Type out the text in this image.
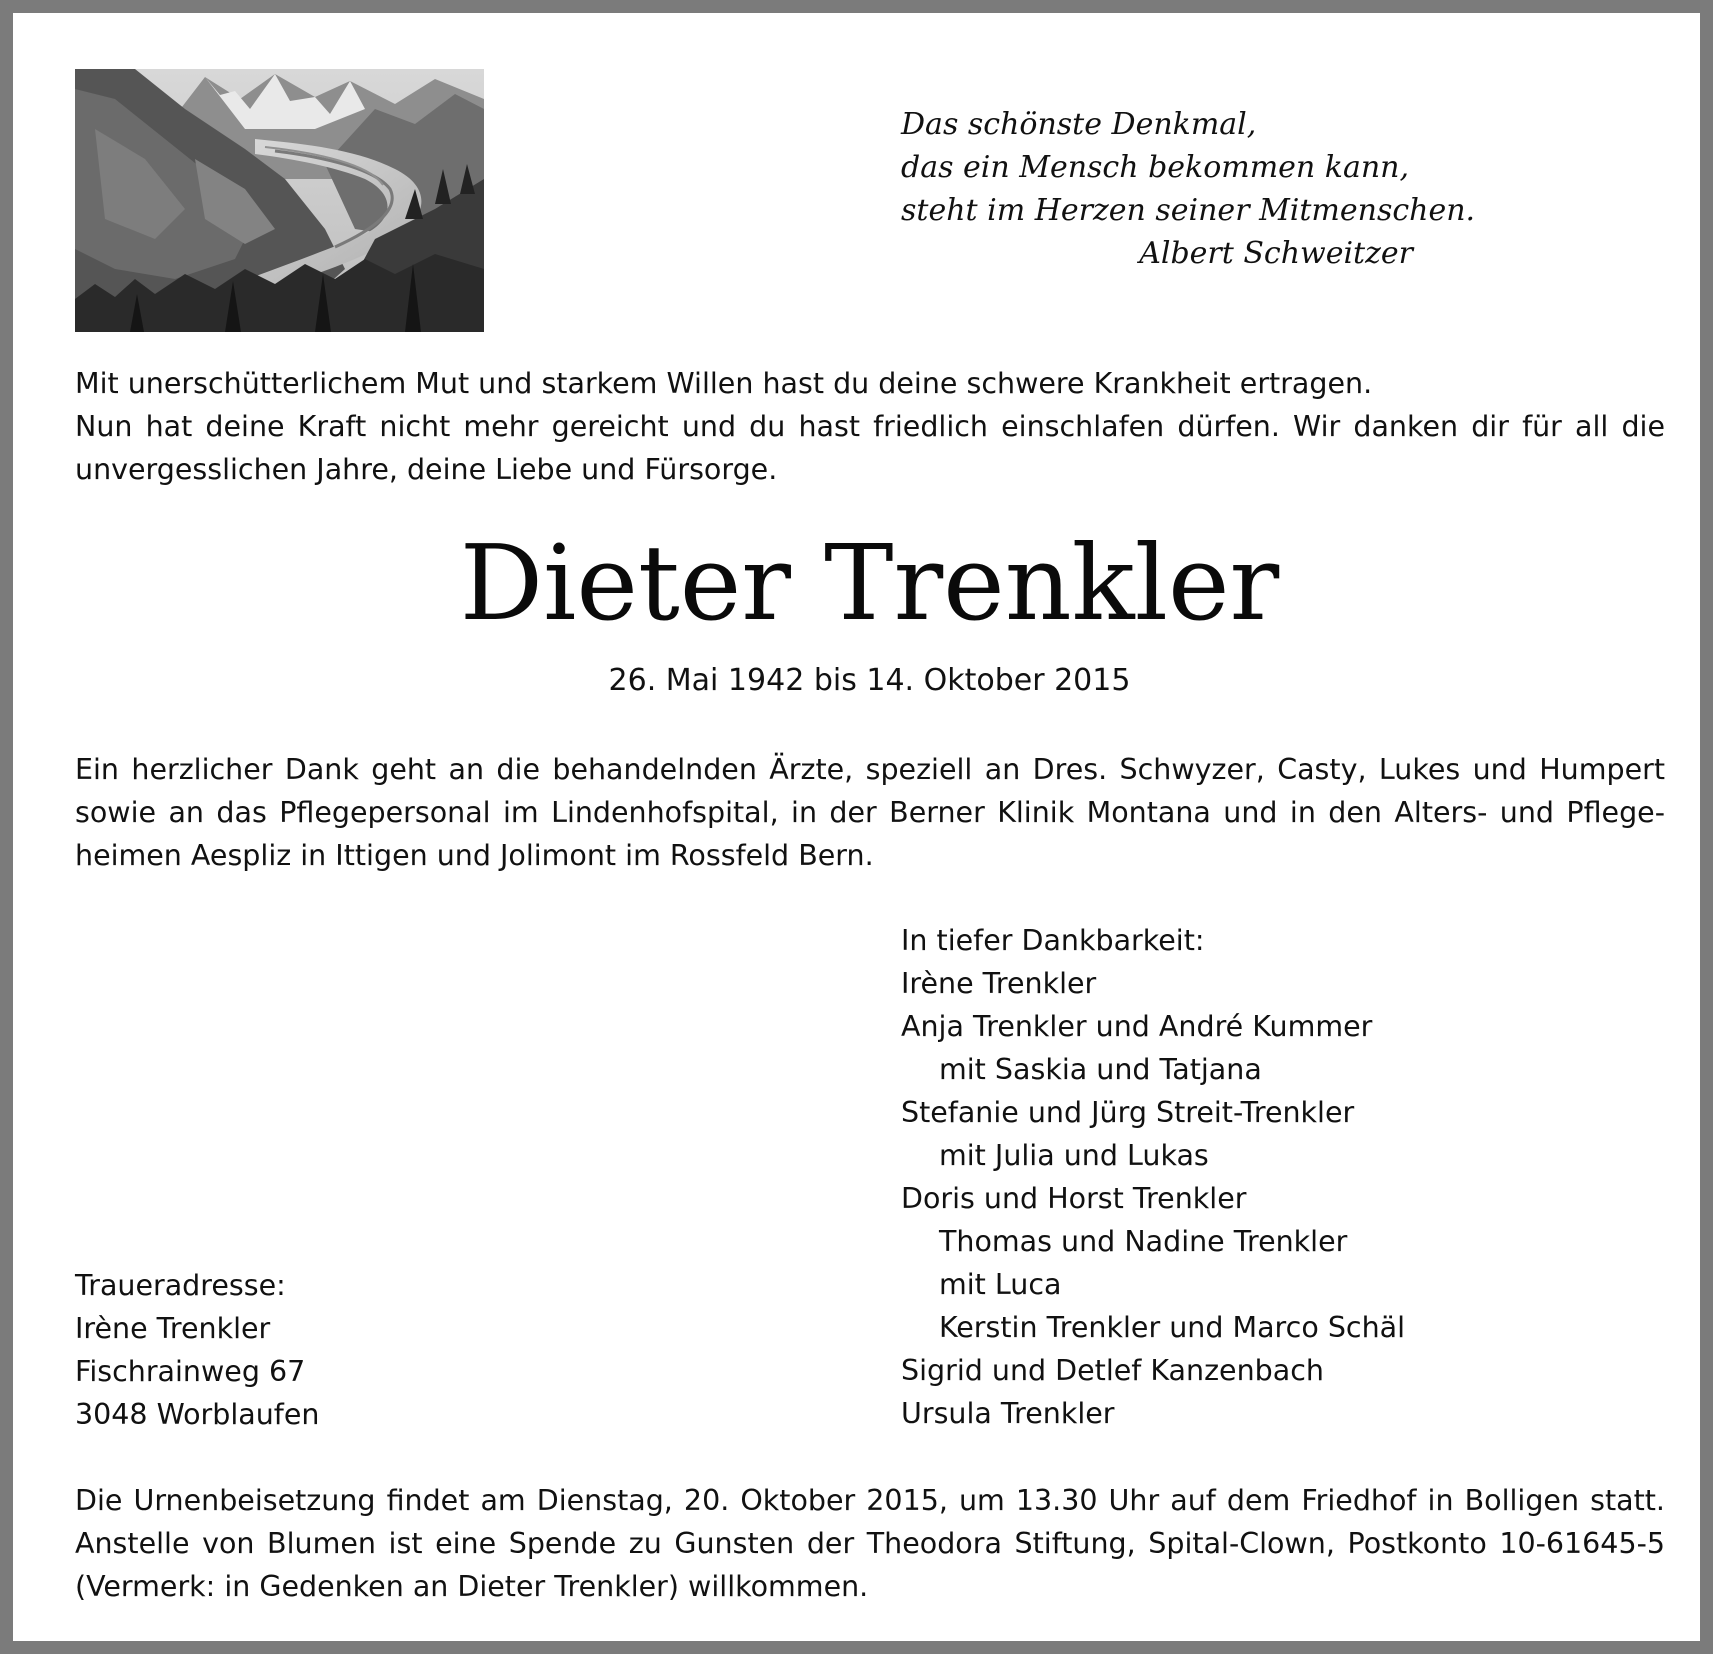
Das schönste Denkmal,
das ein Mensch bekommen kann,
steht im Herzen seiner Mitmenschen.
Albert Schweitzer
Mit unerschütterlichem Mut und starkem Willen hast du deine schwere Krankheit ertragen.
Nun hat deine Kraft nicht mehr gereicht und du hast friedlich einschlafen dürfen. Wir danken dir für all die
unvergesslichen Jahre, deine Liebe und Fürsorge.
Dieter Trenkler
26. Mai 1942 bis 14. Oktober 2015
Ein herzlicher Dank geht an die behandelnden Ärzte, speziell an Dres. Schwyzer, Casty, Lukes und Humpert
sowie an das Pflegepersonal im Lindenhofspital, in der Berner Klinik Montana und in den Alters- und Pflege-
heimen Aespliz in Ittigen und Jolimont im Rossfeld Bern.
In tiefer Dankbarkeit:
Irène Trenkler
Anja Trenkler und André Kummer
mit Saskia und Tatjana
Stefanie und Jürg Streit-Trenkler
mit Julia und Lukas
Doris und Horst Trenkler
Thomas und Nadine Trenkler
mit Luca
Kerstin Trenkler und Marco Schäl
Sigrid und Detlef Kanzenbach
Ursula Trenkler
Traueradresse:
Irène Trenkler
Fischrainweg 67
3048 Worblaufen
Die Urnenbeisetzung findet am Dienstag, 20. Oktober 2015, um 13.30 Uhr auf dem Friedhof in Bolligen statt.
Anstelle von Blumen ist eine Spende zu Gunsten der Theodora Stiftung, Spital-Clown, Postkonto 10-61645-5
(Vermerk: in Gedenken an Dieter Trenkler) willkommen.
